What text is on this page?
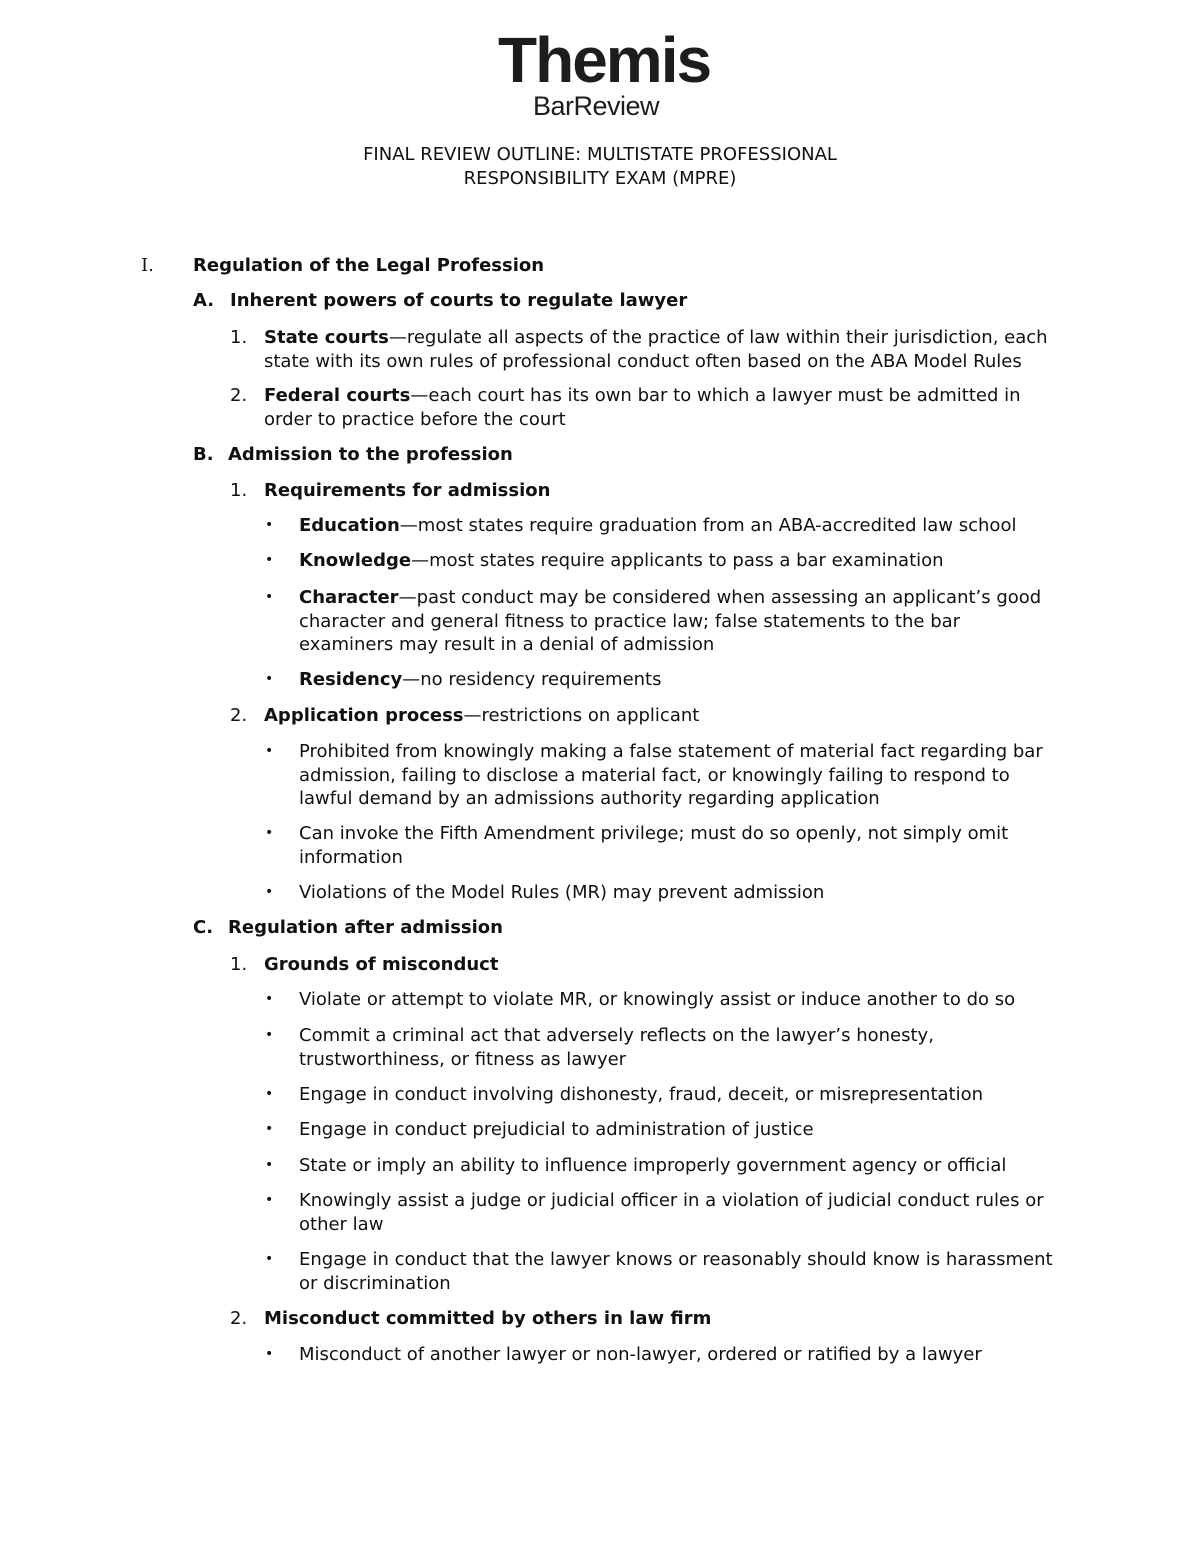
Themis
BarReview
FINAL REVIEW OUTLINE: MULTISTATE PROFESSIONAL
RESPONSIBILITY EXAM (MPRE)
I. Regulation of the Legal Profession
A. Inherent powers of courts to regulate lawyer
1. State courts—regulate all aspects of the practice of law within their jurisdiction, each state with its own rules of professional conduct often based on the ABA Model Rules
2. Federal courts—each court has its own bar to which a lawyer must be admitted in order to practice before the court
B. Admission to the profession
1. Requirements for admission
• Education—most states require graduation from an ABA-accredited law school
• Knowledge—most states require applicants to pass a bar examination
• Character—past conduct may be considered when assessing an applicant’s good character and general fitness to practice law; false statements to the bar examiners may result in a denial of admission
• Residency—no residency requirements
2. Application process—restrictions on applicant
• Prohibited from knowingly making a false statement of material fact regarding bar admission, failing to disclose a material fact, or knowingly failing to respond to lawful demand by an admissions authority regarding application
• Can invoke the Fifth Amendment privilege; must do so openly, not simply omit information
• Violations of the Model Rules (MR) may prevent admission
C. Regulation after admission
1. Grounds of misconduct
• Violate or attempt to violate MR, or knowingly assist or induce another to do so
• Commit a criminal act that adversely reflects on the lawyer’s honesty, trustworthiness, or fitness as lawyer
• Engage in conduct involving dishonesty, fraud, deceit, or misrepresentation
• Engage in conduct prejudicial to administration of justice
• State or imply an ability to influence improperly government agency or official
• Knowingly assist a judge or judicial officer in a violation of judicial conduct rules or other law
• Engage in conduct that the lawyer knows or reasonably should know is harassment or discrimination
2. Misconduct committed by others in law firm
• Misconduct of another lawyer or non-lawyer, ordered or ratified by a lawyer
